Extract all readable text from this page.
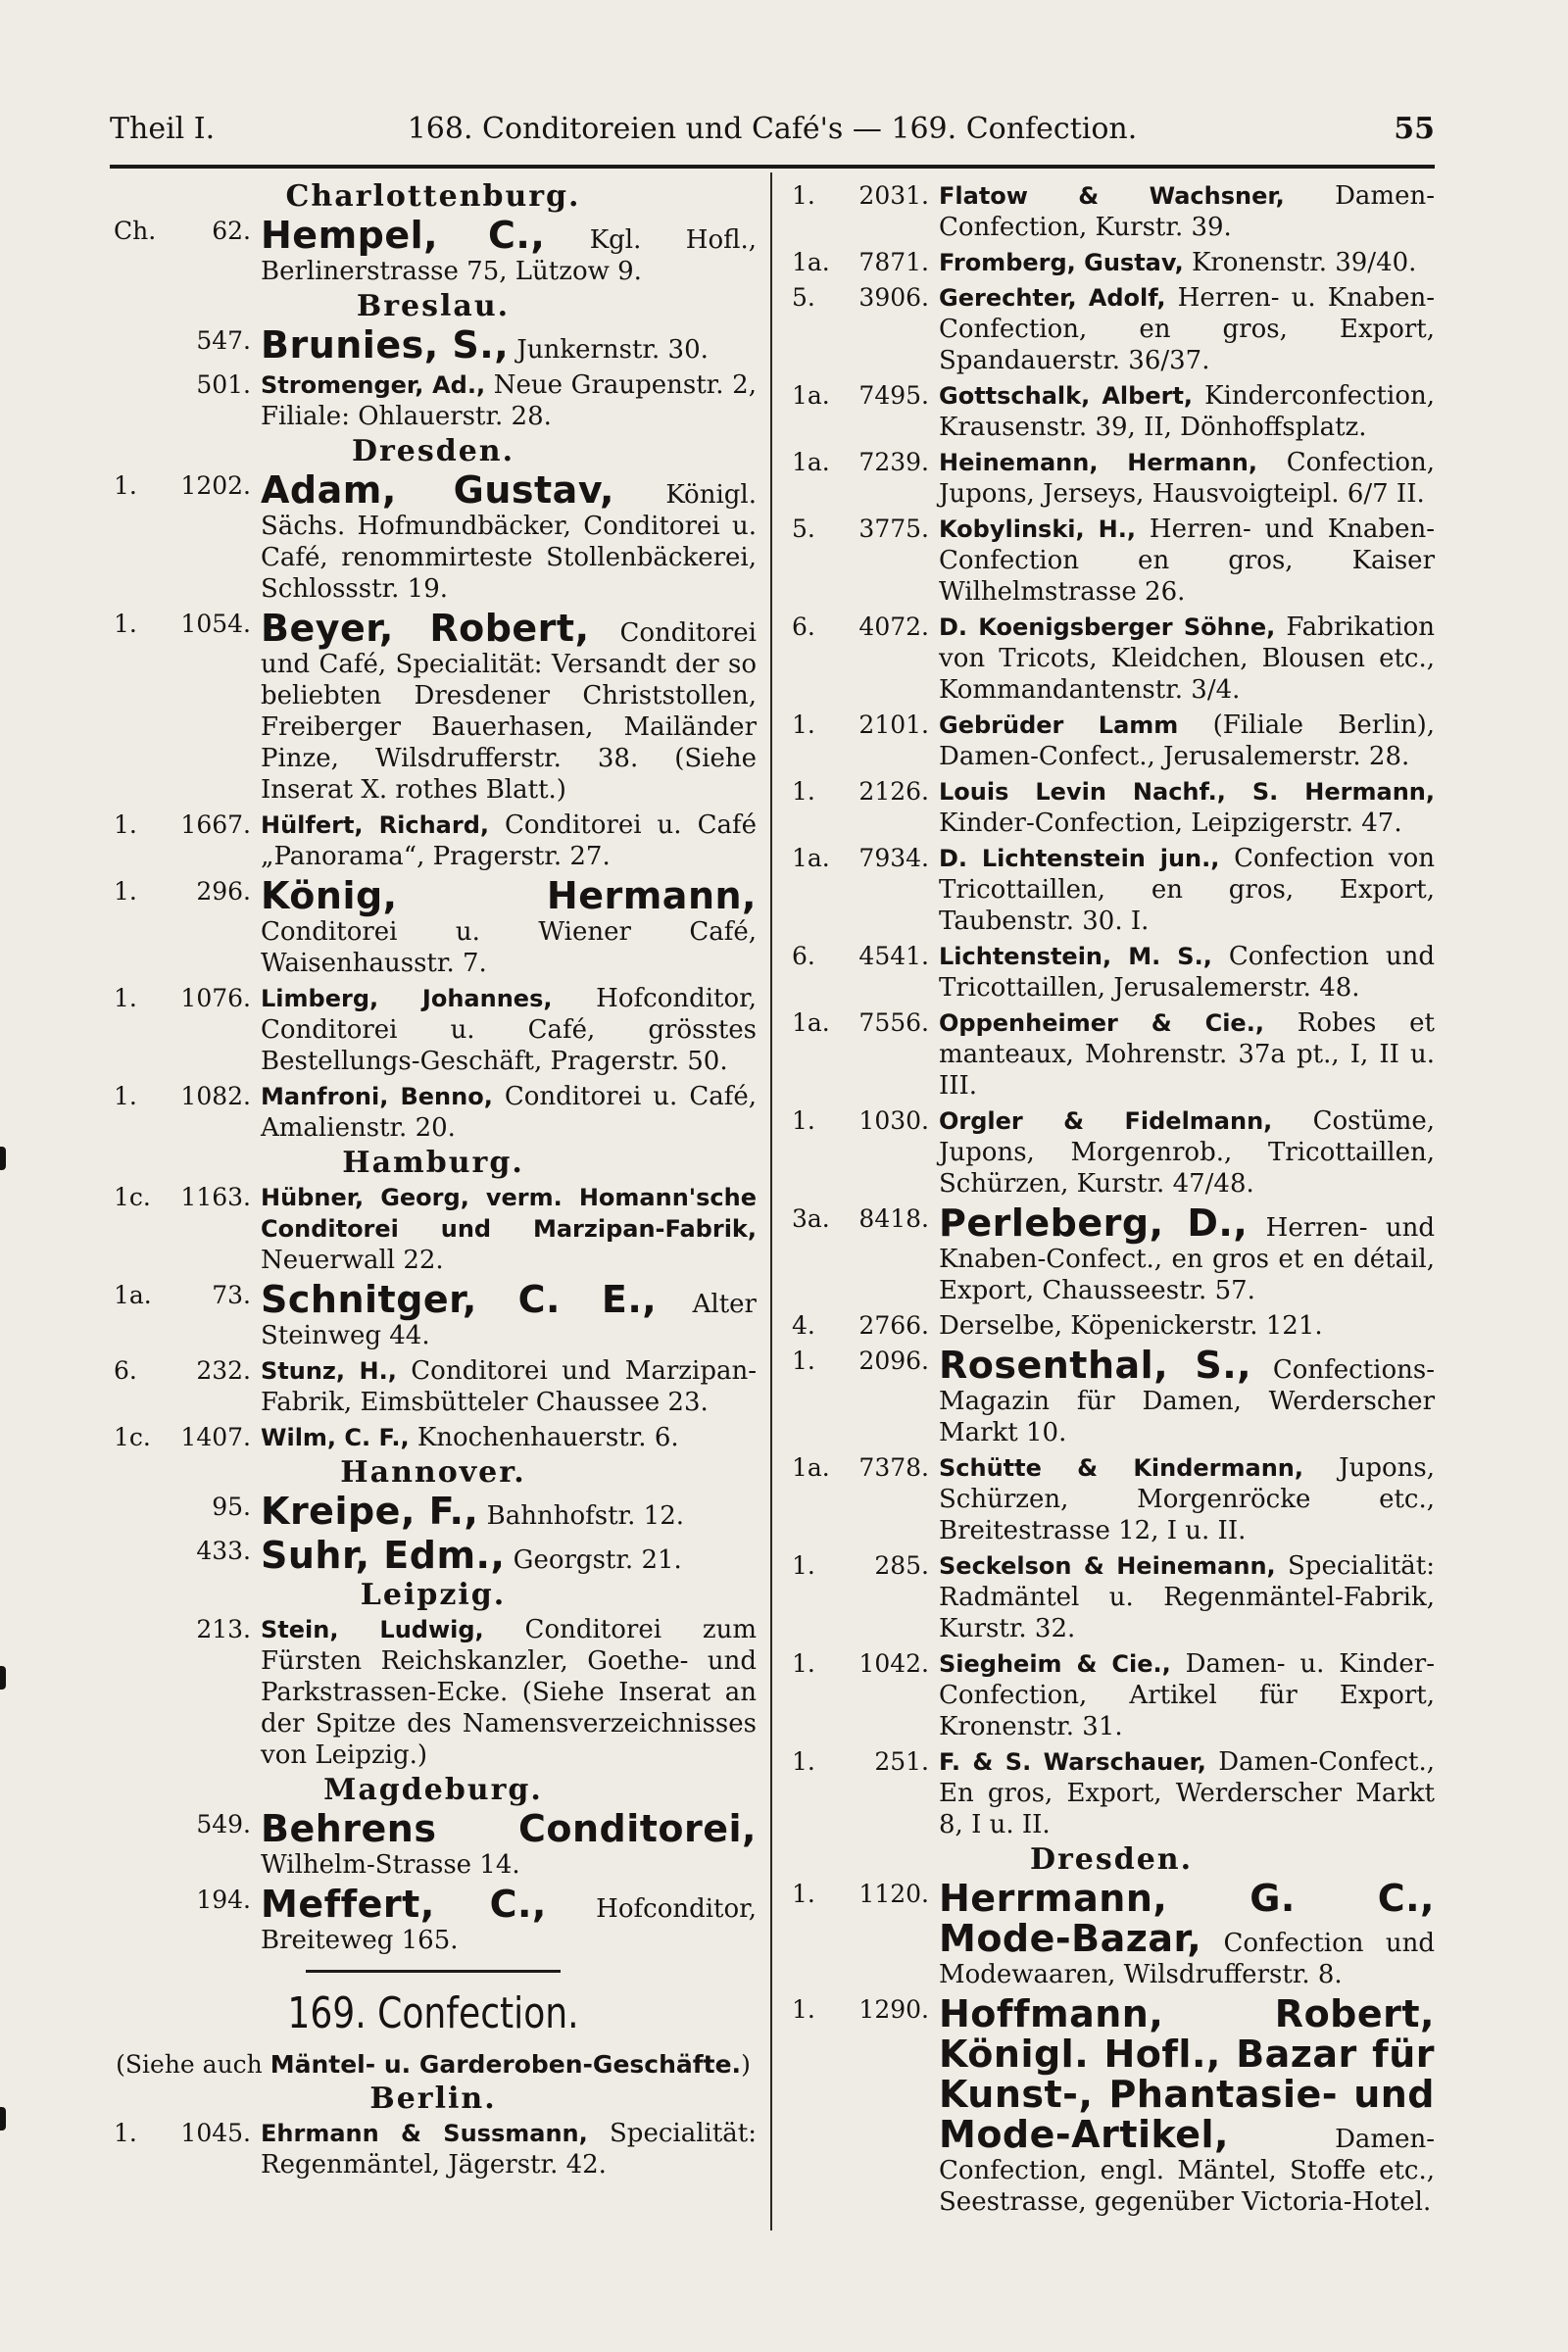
168. Conditoreien und Café's — 169. Confection.
Theil I.	55
Charlottenburg.
Ch. 62. Hempel, C., Kgl. Hofl., Berlinerstrasse 75, Lützow 9.
Breslau.
547. Brunies, S., Junkernstr. 30.
501. Stromenger, Ad., Neue Graupenstr. 2, Filiale: Ohlauerstr. 28.
Dresden.
1. 1202. Adam, Gustav, Königl. Sächs. Hofmundbäcker, Conditorei u. Café, renommirteste Stollenbäckerei, Schlossstr. 19.
1. 1054. Beyer, Robert, Conditorei und Café, Specialität: Versandt der so beliebten Dresdener Christstollen, Freiberger Bauerhasen, Mailänder Pinze, Wilsdrufferstr. 38. (Siehe Inserat X. rothes Blatt.)
1. 1667. Hülfert, Richard, Conditorei u. Café „Panorama“, Pragerstr. 27.
1. 296. König, Hermann, Conditorei u. Wiener Café, Waisenhausstr. 7.
1. 1076. Limberg, Johannes, Hofconditor, Conditorei u. Café, grösstes Bestellungs-Geschäft, Pragerstr. 50.
1. 1082. Manfroni, Benno, Conditorei u. Café, Amalienstr. 20.
Hamburg.
1c. 1163. Hübner, Georg, verm. Homann'sche Conditorei und Marzipan-Fabrik, Neuerwall 22.
1a. 73. Schnitger, C. E., Alter Steinweg 44.
6. 232. Stunz, H., Conditorei und Marzipan-Fabrik, Eimsbütteler Chaussee 23.
1c. 1407. Wilm, C. F., Knochenhauerstr. 6.
Hannover.
95. Kreipe, F., Bahnhofstr. 12.
433. Suhr, Edm., Georgstr. 21.
Leipzig.
213. Stein, Ludwig, Conditorei zum Fürsten Reichskanzler, Goethe- und Parkstrassen-Ecke. (Siehe Inserat an der Spitze des Namensverzeichnisses von Leipzig.)
Magdeburg.
549. Behrens Conditorei, Wilhelm-Strasse 14.
194. Meffert, C., Hofconditor, Breiteweg 165.
169. Confection.
(Siehe auch Mäntel- u. Garderoben-Geschäfte.)
Berlin.
1. 1045. Ehrmann & Sussmann, Specialität: Regenmäntel, Jägerstr. 42.
1. 2031. Flatow & Wachsner, Damen-Confection, Kurstr. 39.
1a. 7871. Fromberg, Gustav, Kronenstr. 39/40.
5. 3906. Gerechter, Adolf, Herren- u. Knaben-Confection, en gros, Export, Spandauerstr. 36/37.
1a. 7495. Gottschalk, Albert, Kinderconfection, Krausenstr. 39, II, Dönhoffsplatz.
1a. 7239. Heinemann, Hermann, Confection, Jupons, Jerseys, Hausvoigteipl. 6/7 II.
5. 3775. Kobylinski, H., Herren- und Knaben-Confection en gros, Kaiser Wilhelmstrasse 26.
6. 4072. D. Koenigsberger Söhne, Fabrikation von Tricots, Kleidchen, Blousen etc., Kommandantenstr. 3/4.
1. 2101. Gebrüder Lamm (Filiale Berlin), Damen-Confect., Jerusalemerstr. 28.
1. 2126. Louis Levin Nachf., S. Hermann, Kinder-Confection, Leipzigerstr. 47.
1a. 7934. D. Lichtenstein jun., Confection von Tricottaillen, en gros, Export, Taubenstr. 30. I.
6. 4541. Lichtenstein, M. S., Confection und Tricottaillen, Jerusalemerstr. 48.
1a. 7556. Oppenheimer & Cie., Robes et manteaux, Mohrenstr. 37a pt., I, II u. III.
1. 1030. Orgler & Fidelmann, Costüme, Jupons, Morgenrob., Tricottaillen, Schürzen, Kurstr. 47/48.
3a. 8418. Perleberg, D., Herren- und Knaben-Confect., en gros et en détail, Export, Chausseestr. 57.
4. 2766. Derselbe, Köpenickerstr. 121.
1. 2096. Rosenthal, S., Confections-Magazin für Damen, Werderscher Markt 10.
1a. 7378. Schütte & Kindermann, Jupons, Schürzen, Morgenröcke etc., Breitestrasse 12, I u. II.
1. 285. Seckelson & Heinemann, Specialität: Radmäntel u. Regenmäntel-Fabrik, Kurstr. 32.
1. 1042. Siegheim & Cie., Damen- u. Kinder-Confection, Artikel für Export, Kronenstr. 31.
1. 251. F. & S. Warschauer, Damen-Confect., En gros, Export, Werderscher Markt 8, I u. II.
Dresden.
1. 1120. Herrmann, G. C., Mode-Bazar, Confection und Modewaaren, Wilsdrufferstr. 8.
1. 1290. Hoffmann, Robert, Königl. Hofl., Bazar für Kunst-, Phantasie- und Mode-Artikel, Damen-Confection, engl. Mäntel, Stoffe etc., Seestrasse, gegenüber Victoria-Hotel.
